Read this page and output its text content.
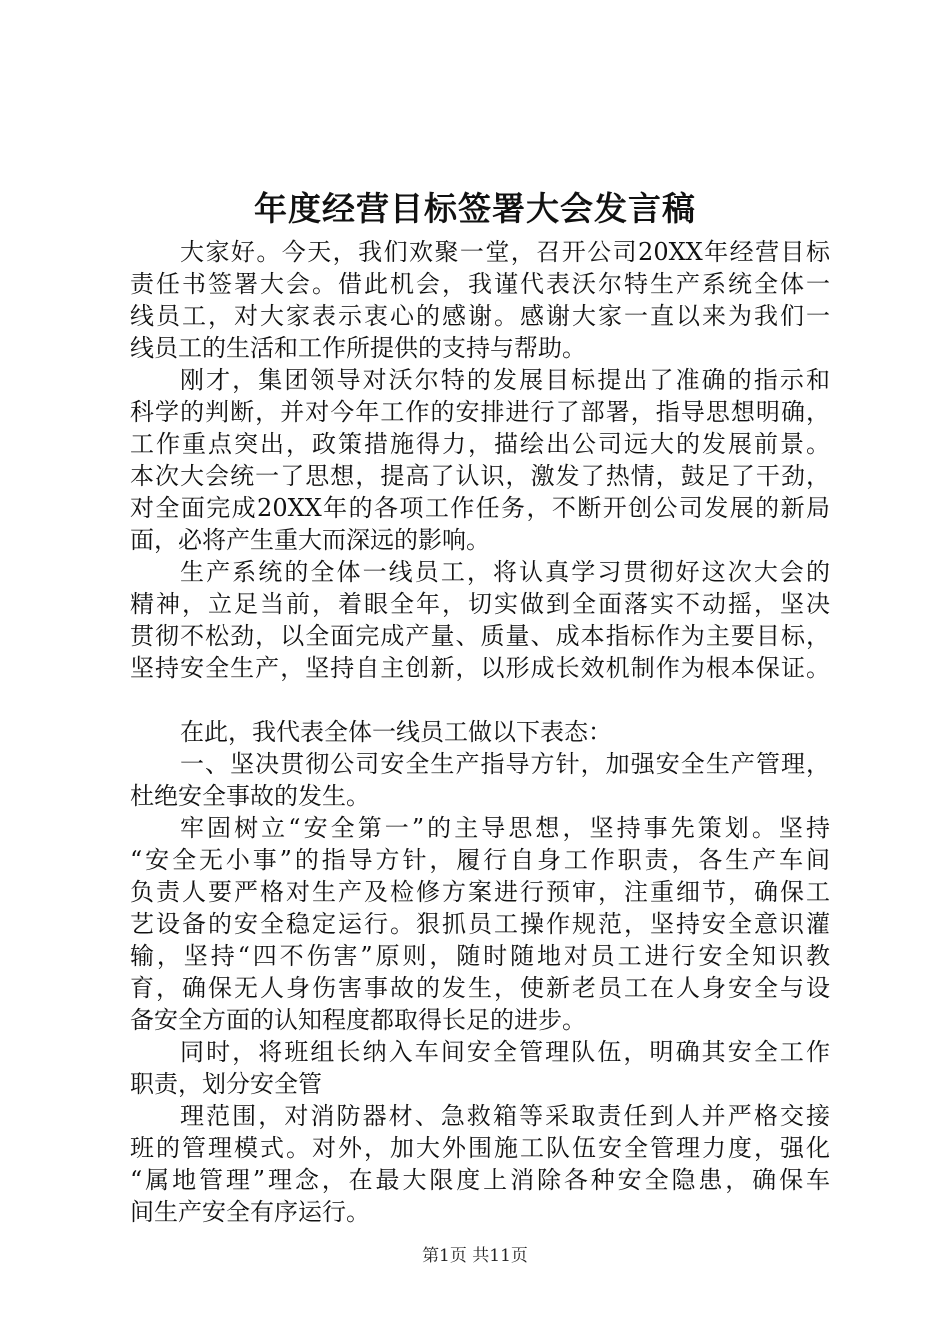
年度经营目标签署大会发言稿
大家好。今天，我们欢聚一堂，召开公司20XX年经营目标
责任书签署大会。借此机会，我谨代表沃尔特生产系统全体一
线员工，对大家表示衷心的感谢。感谢大家一直以来为我们一
线员工的生活和工作所提供的支持与帮助。
刚才，集团领导对沃尔特的发展目标提出了准确的指示和
科学的判断，并对今年工作的安排进行了部署，指导思想明确，
工作重点突出，政策措施得力，描绘出公司远大的发展前景。
本次大会统一了思想，提高了认识，激发了热情，鼓足了干劲，
对全面完成20XX年的各项工作任务，不断开创公司发展的新局
面，必将产生重大而深远的影响。
生产系统的全体一线员工，将认真学习贯彻好这次大会的
精神，立足当前，着眼全年，切实做到全面落实不动摇，坚决
贯彻不松劲，以全面完成产量、质量、成本指标作为主要目标，
坚持安全生产，坚持自主创新，以形成长效机制作为根本保证。
在此，我代表全体一线员工做以下表态：
一、坚决贯彻公司安全生产指导方针，加强安全生产管理，
杜绝安全事故的发生。
牢固树立“安全第一”的主导思想，坚持事先策划。坚持
“安全无小事”的指导方针，履行自身工作职责，各生产车间
负责人要严格对生产及检修方案进行预审，注重细节，确保工
艺设备的安全稳定运行。狠抓员工操作规范，坚持安全意识灌
输，坚持“四不伤害”原则，随时随地对员工进行安全知识教
育，确保无人身伤害事故的发生，使新老员工在人身安全与设
备安全方面的认知程度都取得长足的进步。
同时，将班组长纳入车间安全管理队伍，明确其安全工作
职责，划分安全管
理范围，对消防器材、急救箱等采取责任到人并严格交接
班的管理模式。对外，加大外围施工队伍安全管理力度，强化
“属地管理”理念，在最大限度上消除各种安全隐患，确保车
间生产安全有序运行。
第1页 共11页
